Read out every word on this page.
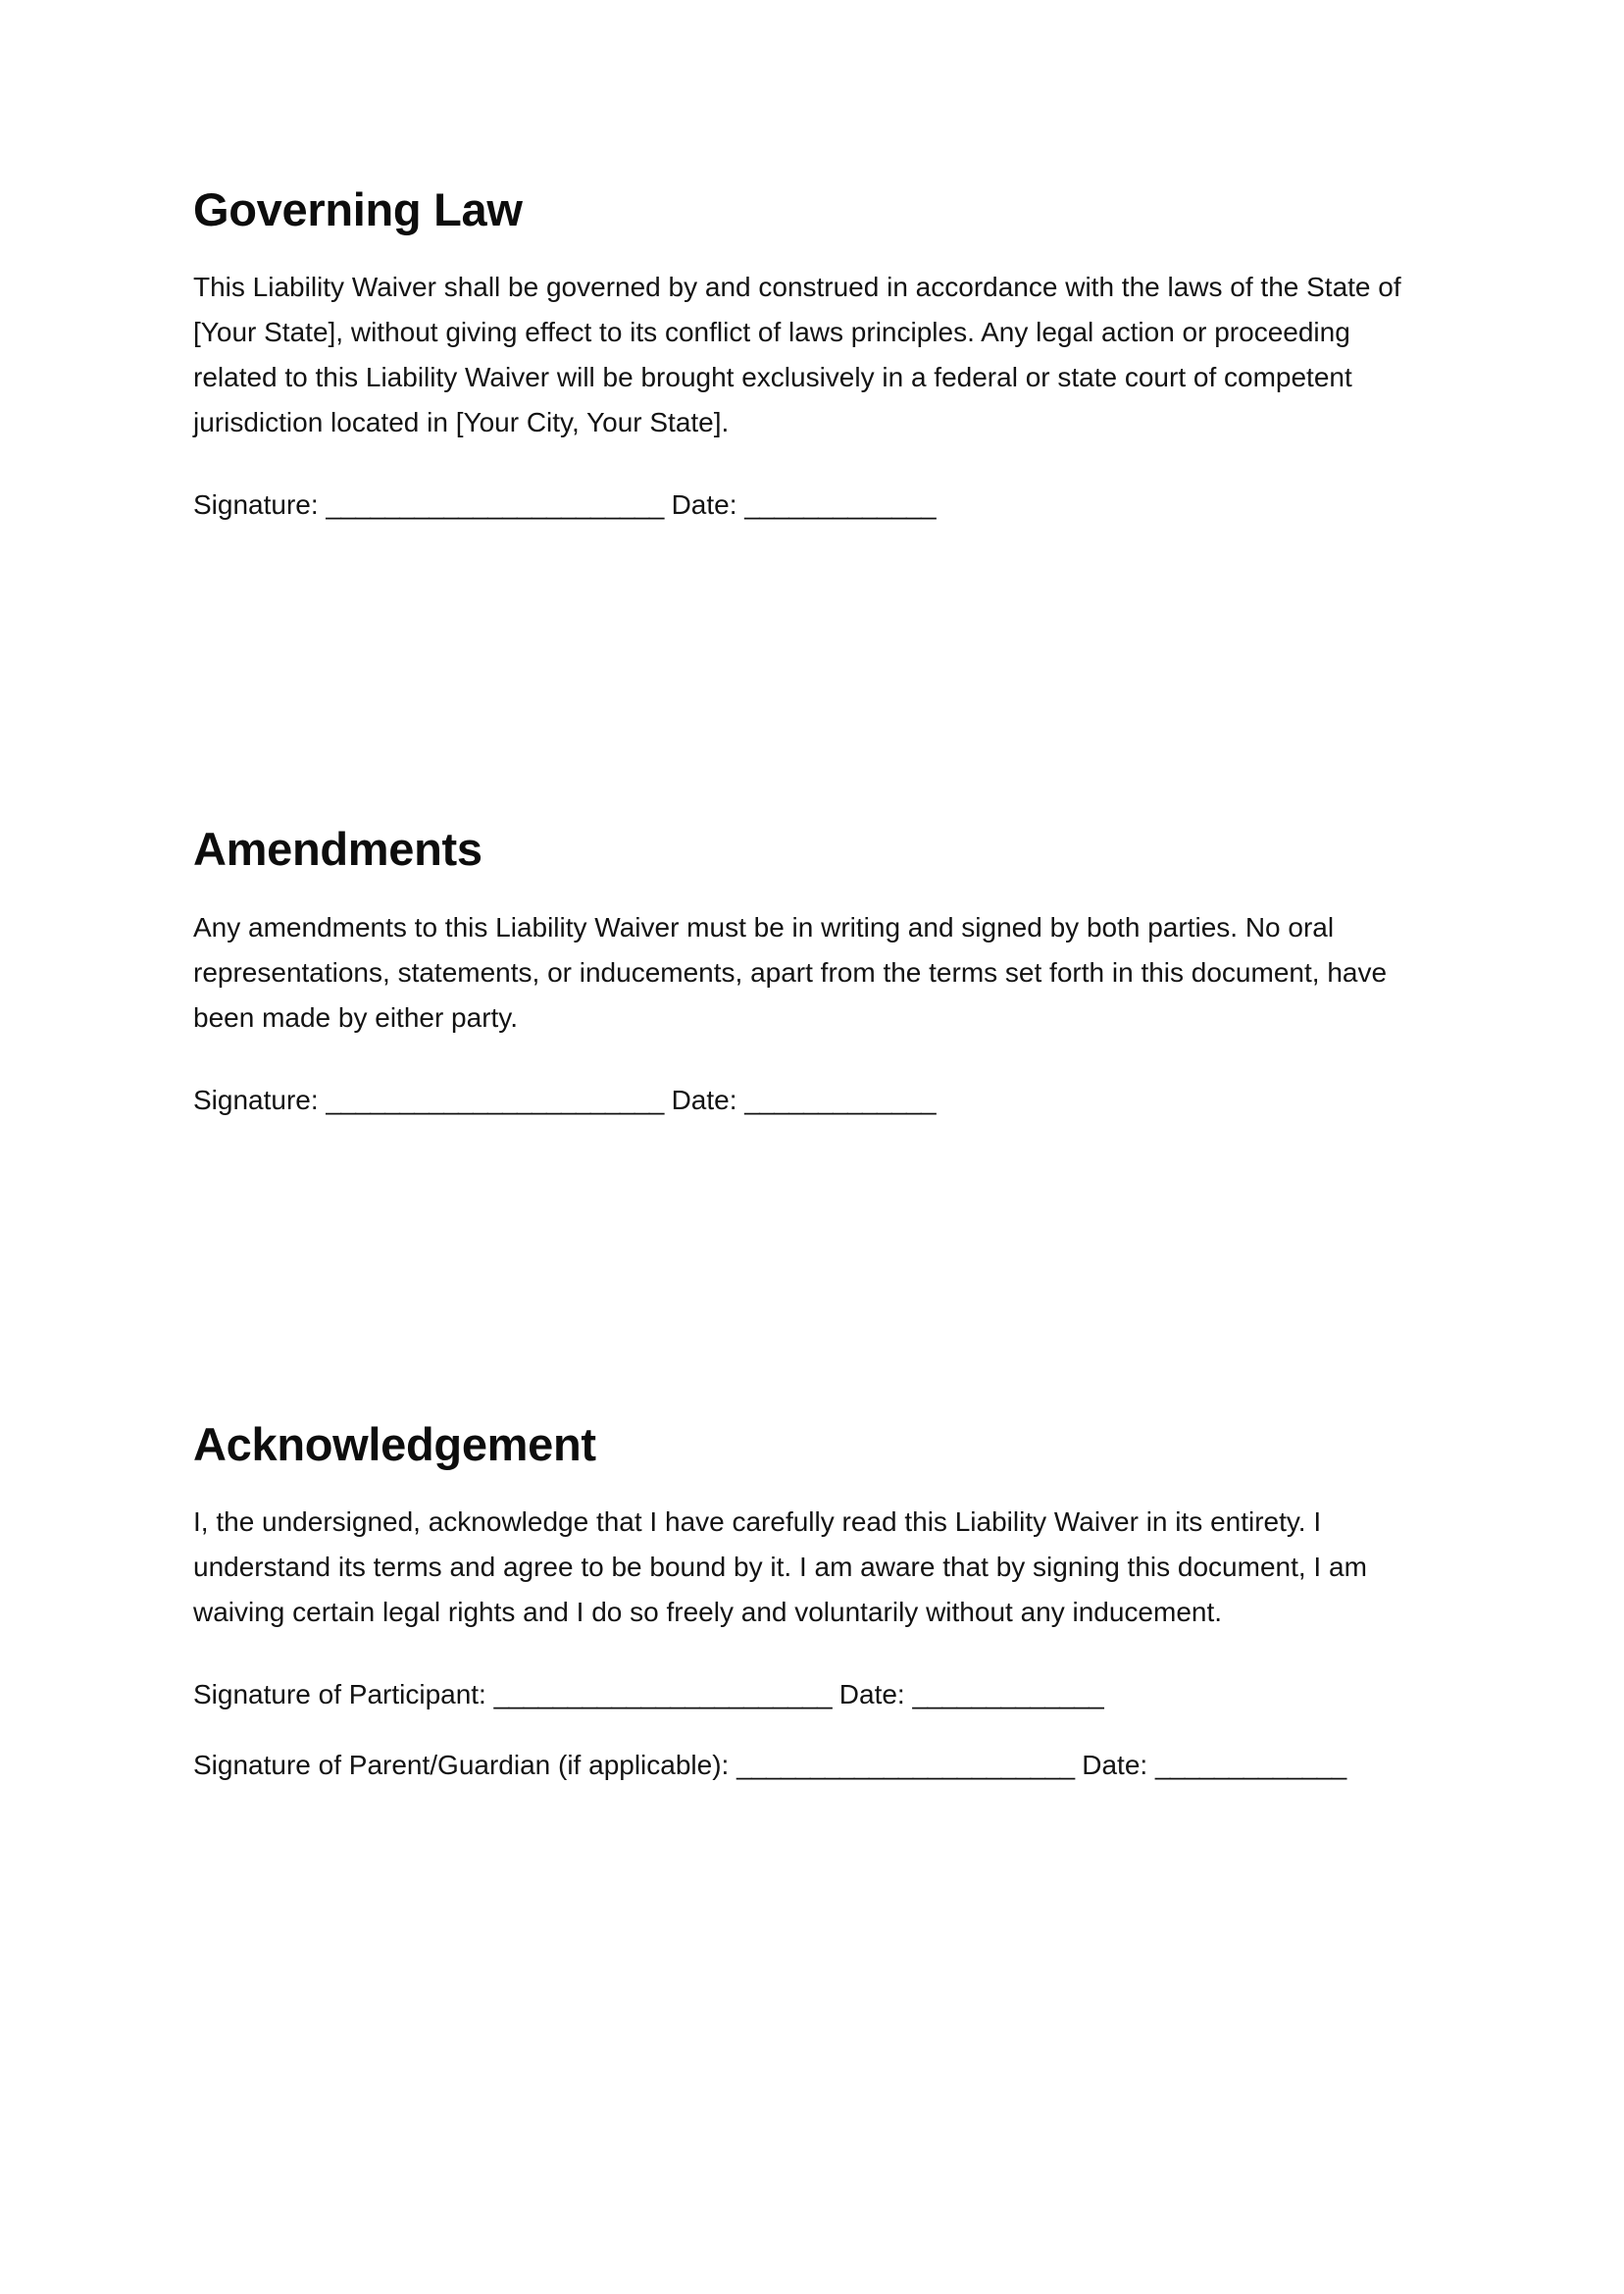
Governing Law

This Liability Waiver shall be governed by and construed in accordance with the laws of the State of [Your State], without giving effect to its conflict of laws principles. Any legal action or proceeding related to this Liability Waiver will be brought exclusively in a federal or state court of competent jurisdiction located in [Your City, Your State].

Signature: _______________________ Date: _____________

Amendments

Any amendments to this Liability Waiver must be in writing and signed by both parties. No oral representations, statements, or inducements, apart from the terms set forth in this document, have been made by either party.

Signature: _______________________ Date: _____________

Acknowledgement

I, the undersigned, acknowledge that I have carefully read this Liability Waiver in its entirety. I understand its terms and agree to be bound by it. I am aware that by signing this document, I am waiving certain legal rights and I do so freely and voluntarily without any inducement.

Signature of Participant: _______________________ Date: _____________

Signature of Parent/Guardian (if applicable): _______________________ Date: _____________
